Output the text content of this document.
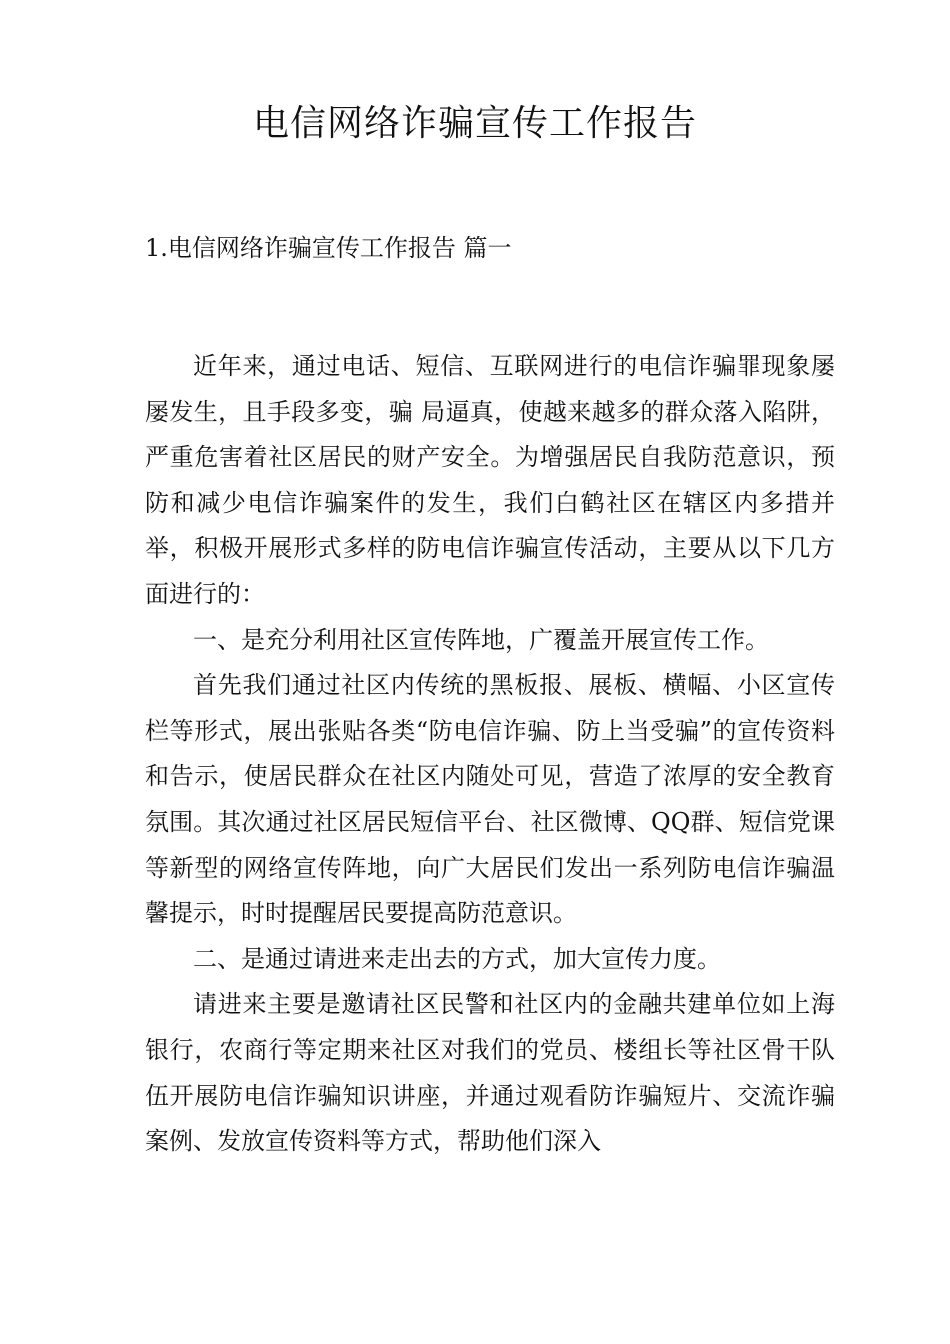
电信网络诈骗宣传工作报告
1.电信网络诈骗宣传工作报告 篇一

近年来，通过电话、短信、互联网进行的电信诈骗罪现象屡屡发生，且手段多变，骗 局逼真，使越来越多的群众落入陷阱，严重危害着社区居民的财产安全。为增强居民自我防范意识，预防和减少电信诈骗案件的发生，我们白鹤社区在辖区内多措并举，积极开展形式多样的防电信诈骗宣传活动，主要从以下几方面进行的：

一、是充分利用社区宣传阵地，广覆盖开展宣传工作。

首先我们通过社区内传统的黑板报、展板、横幅、小区宣传栏等形式，展出张贴各类“防电信诈骗、防上当受骗”的宣传资料和告示，使居民群众在社区内随处可见，营造了浓厚的安全教育氛围。其次通过社区居民短信平台、社区微博、QQ群、短信党课等新型的网络宣传阵地，向广大居民们发出一系列防电信诈骗温馨提示，时时提醒居民要提高防范意识。

二、是通过请进来走出去的方式，加大宣传力度。

请进来主要是邀请社区民警和社区内的金融共建单位如上海银行，农商行等定期来社区对我们的党员、楼组长等社区骨干队伍开展防电信诈骗知识讲座，并通过观看防诈骗短片、交流诈骗案例、发放宣传资料等方式，帮助他们深入
